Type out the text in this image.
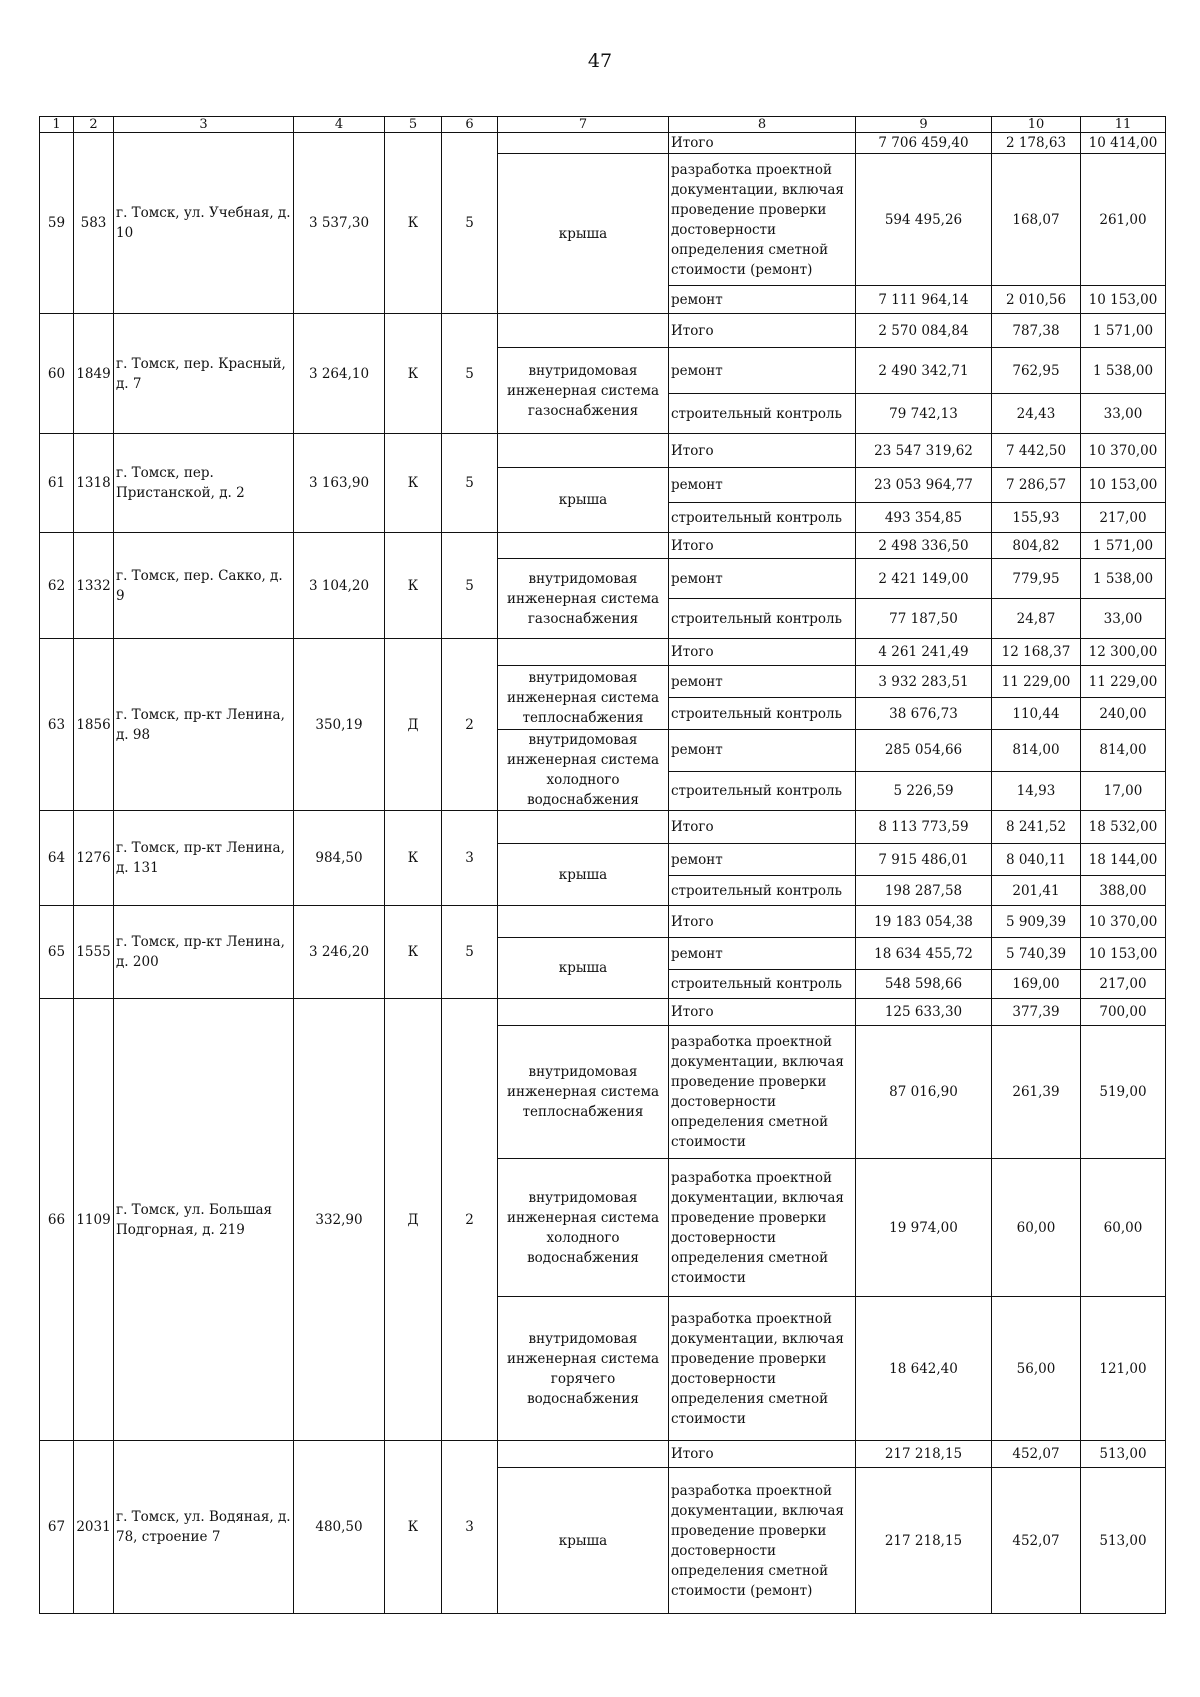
47
1	2	3	4	5	6	7	8	9	10	11
59	583	г. Томск, ул. Учебная, д. 10	3 537,30	К	5		Итого	7 706 459,40	2 178,63	10 414,00
						крыша	разработка проектной документации, включая проведение проверки достоверности определения сметной стоимости (ремонт)	594 495,26	168,07	261,00
							ремонт	7 111 964,14	2 010,56	10 153,00
60	1849	г. Томск, пер. Красный, д. 7	3 264,10	К	5		Итого	2 570 084,84	787,38	1 571,00
						внутридомовая инженерная система газоснабжения	ремонт	2 490 342,71	762,95	1 538,00
							строительный контроль	79 742,13	24,43	33,00
61	1318	г. Томск, пер. Пристанской, д. 2	3 163,90	К	5		Итого	23 547 319,62	7 442,50	10 370,00
						крыша	ремонт	23 053 964,77	7 286,57	10 153,00
							строительный контроль	493 354,85	155,93	217,00
62	1332	г. Томск, пер. Сакко, д. 9	3 104,20	К	5		Итого	2 498 336,50	804,82	1 571,00
						внутридомовая инженерная система газоснабжения	ремонт	2 421 149,00	779,95	1 538,00
							строительный контроль	77 187,50	24,87	33,00
63	1856	г. Томск, пр-кт Ленина, д. 98	350,19	Д	2		Итого	4 261 241,49	12 168,37	12 300,00
						внутридомовая инженерная система теплоснабжения	ремонт	3 932 283,51	11 229,00	11 229,00
							строительный контроль	38 676,73	110,44	240,00
						внутридомовая инженерная система холодного водоснабжения	ремонт	285 054,66	814,00	814,00
							строительный контроль	5 226,59	14,93	17,00
64	1276	г. Томск, пр-кт Ленина, д. 131	984,50	К	3		Итого	8 113 773,59	8 241,52	18 532,00
						крыша	ремонт	7 915 486,01	8 040,11	18 144,00
							строительный контроль	198 287,58	201,41	388,00
65	1555	г. Томск, пр-кт Ленина, д. 200	3 246,20	К	5		Итого	19 183 054,38	5 909,39	10 370,00
						крыша	ремонт	18 634 455,72	5 740,39	10 153,00
							строительный контроль	548 598,66	169,00	217,00
66	1109	г. Томск, ул. Большая Подгорная, д. 219	332,90	Д	2		Итого	125 633,30	377,39	700,00
						внутридомовая инженерная система теплоснабжения	разработка проектной документации, включая проведение проверки достоверности определения сметной стоимости	87 016,90	261,39	519,00
						внутридомовая инженерная система холодного водоснабжения	разработка проектной документации, включая проведение проверки достоверности определения сметной стоимости	19 974,00	60,00	60,00
						внутридомовая инженерная система горячего водоснабжения	разработка проектной документации, включая проведение проверки достоверности определения сметной стоимости	18 642,40	56,00	121,00
67	2031	г. Томск, ул. Водяная, д. 78, строение 7	480,50	К	3		Итого	217 218,15	452,07	513,00
						крыша	разработка проектной документации, включая проведение проверки достоверности определения сметной стоимости (ремонт)	217 218,15	452,07	513,00
